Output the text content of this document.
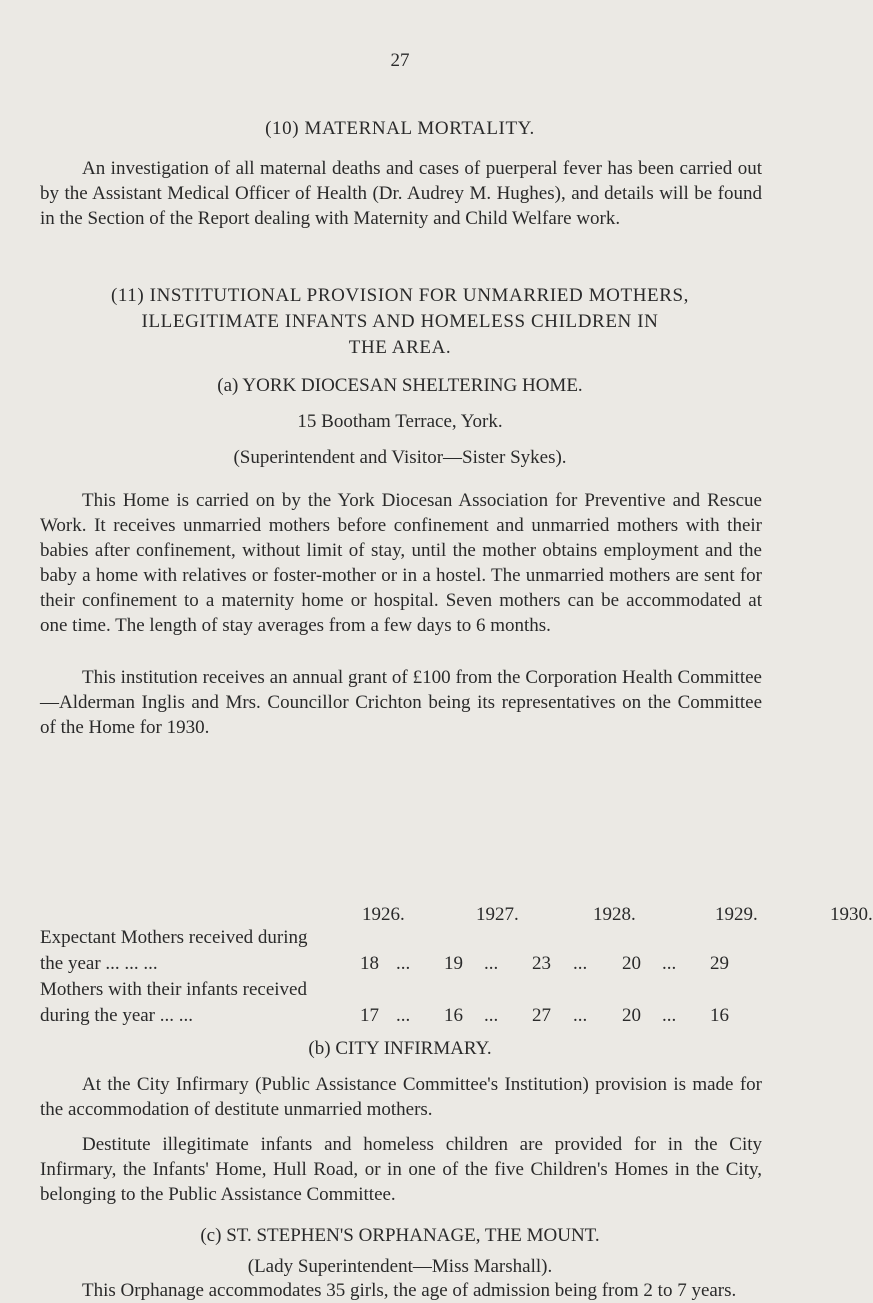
27
(10) MATERNAL MORTALITY.

An investigation of all maternal deaths and cases of puerperal fever has been carried out by the Assistant Medical Officer of Health (Dr. Audrey M. Hughes), and details will be found in the Section of the Report dealing with Maternity and Child Welfare work.

(11) INSTITUTIONAL PROVISION FOR UNMARRIED MOTHERS,
ILLEGITIMATE INFANTS AND HOMELESS CHILDREN IN
THE AREA.
(a) YORK DIOCESAN SHELTERING HOME.
15 Bootham Terrace, York.
(Superintendent and Visitor—Sister Sykes).

This Home is carried on by the York Diocesan Association for Preventive and Rescue Work. It receives unmarried mothers before confinement and unmarried mothers with their babies after confinement, without limit of stay, until the mother obtains employment and the baby a home with relatives or foster-mother or in a hostel. The unmarried mothers are sent for their confinement to a maternity home or hospital. Seven mothers can be accommodated at one time. The length of stay averages from a few days to 6 months.

This institution receives an annual grant of £100 from the Corporation Health Committee—Alderman Inglis and Mrs. Councillor Crichton being its representatives on the Committee of the Home for 1930.

1926.	1927.	1928.	1929.	1930.
Expectant Mothers received during
the year ... ... ...	18 ... 19 ... 23 ... 20 ... 29
Mothers with their infants received
during the year ... ...	17 ... 16 ... 27 ... 20 ... 16
(b) CITY INFIRMARY.

At the City Infirmary (Public Assistance Committee's Institution) provision is made for the accommodation of destitute unmarried mothers.

Destitute illegitimate infants and homeless children are provided for in the City Infirmary, the Infants' Home, Hull Road, or in one of the five Children's Homes in the City, belonging to the Public Assistance Committee.

(c) ST. STEPHEN'S ORPHANAGE, THE MOUNT.
(Lady Superintendent—Miss Marshall).

This Orphanage accommodates 35 girls, the age of admission being from 2 to 7 years.
